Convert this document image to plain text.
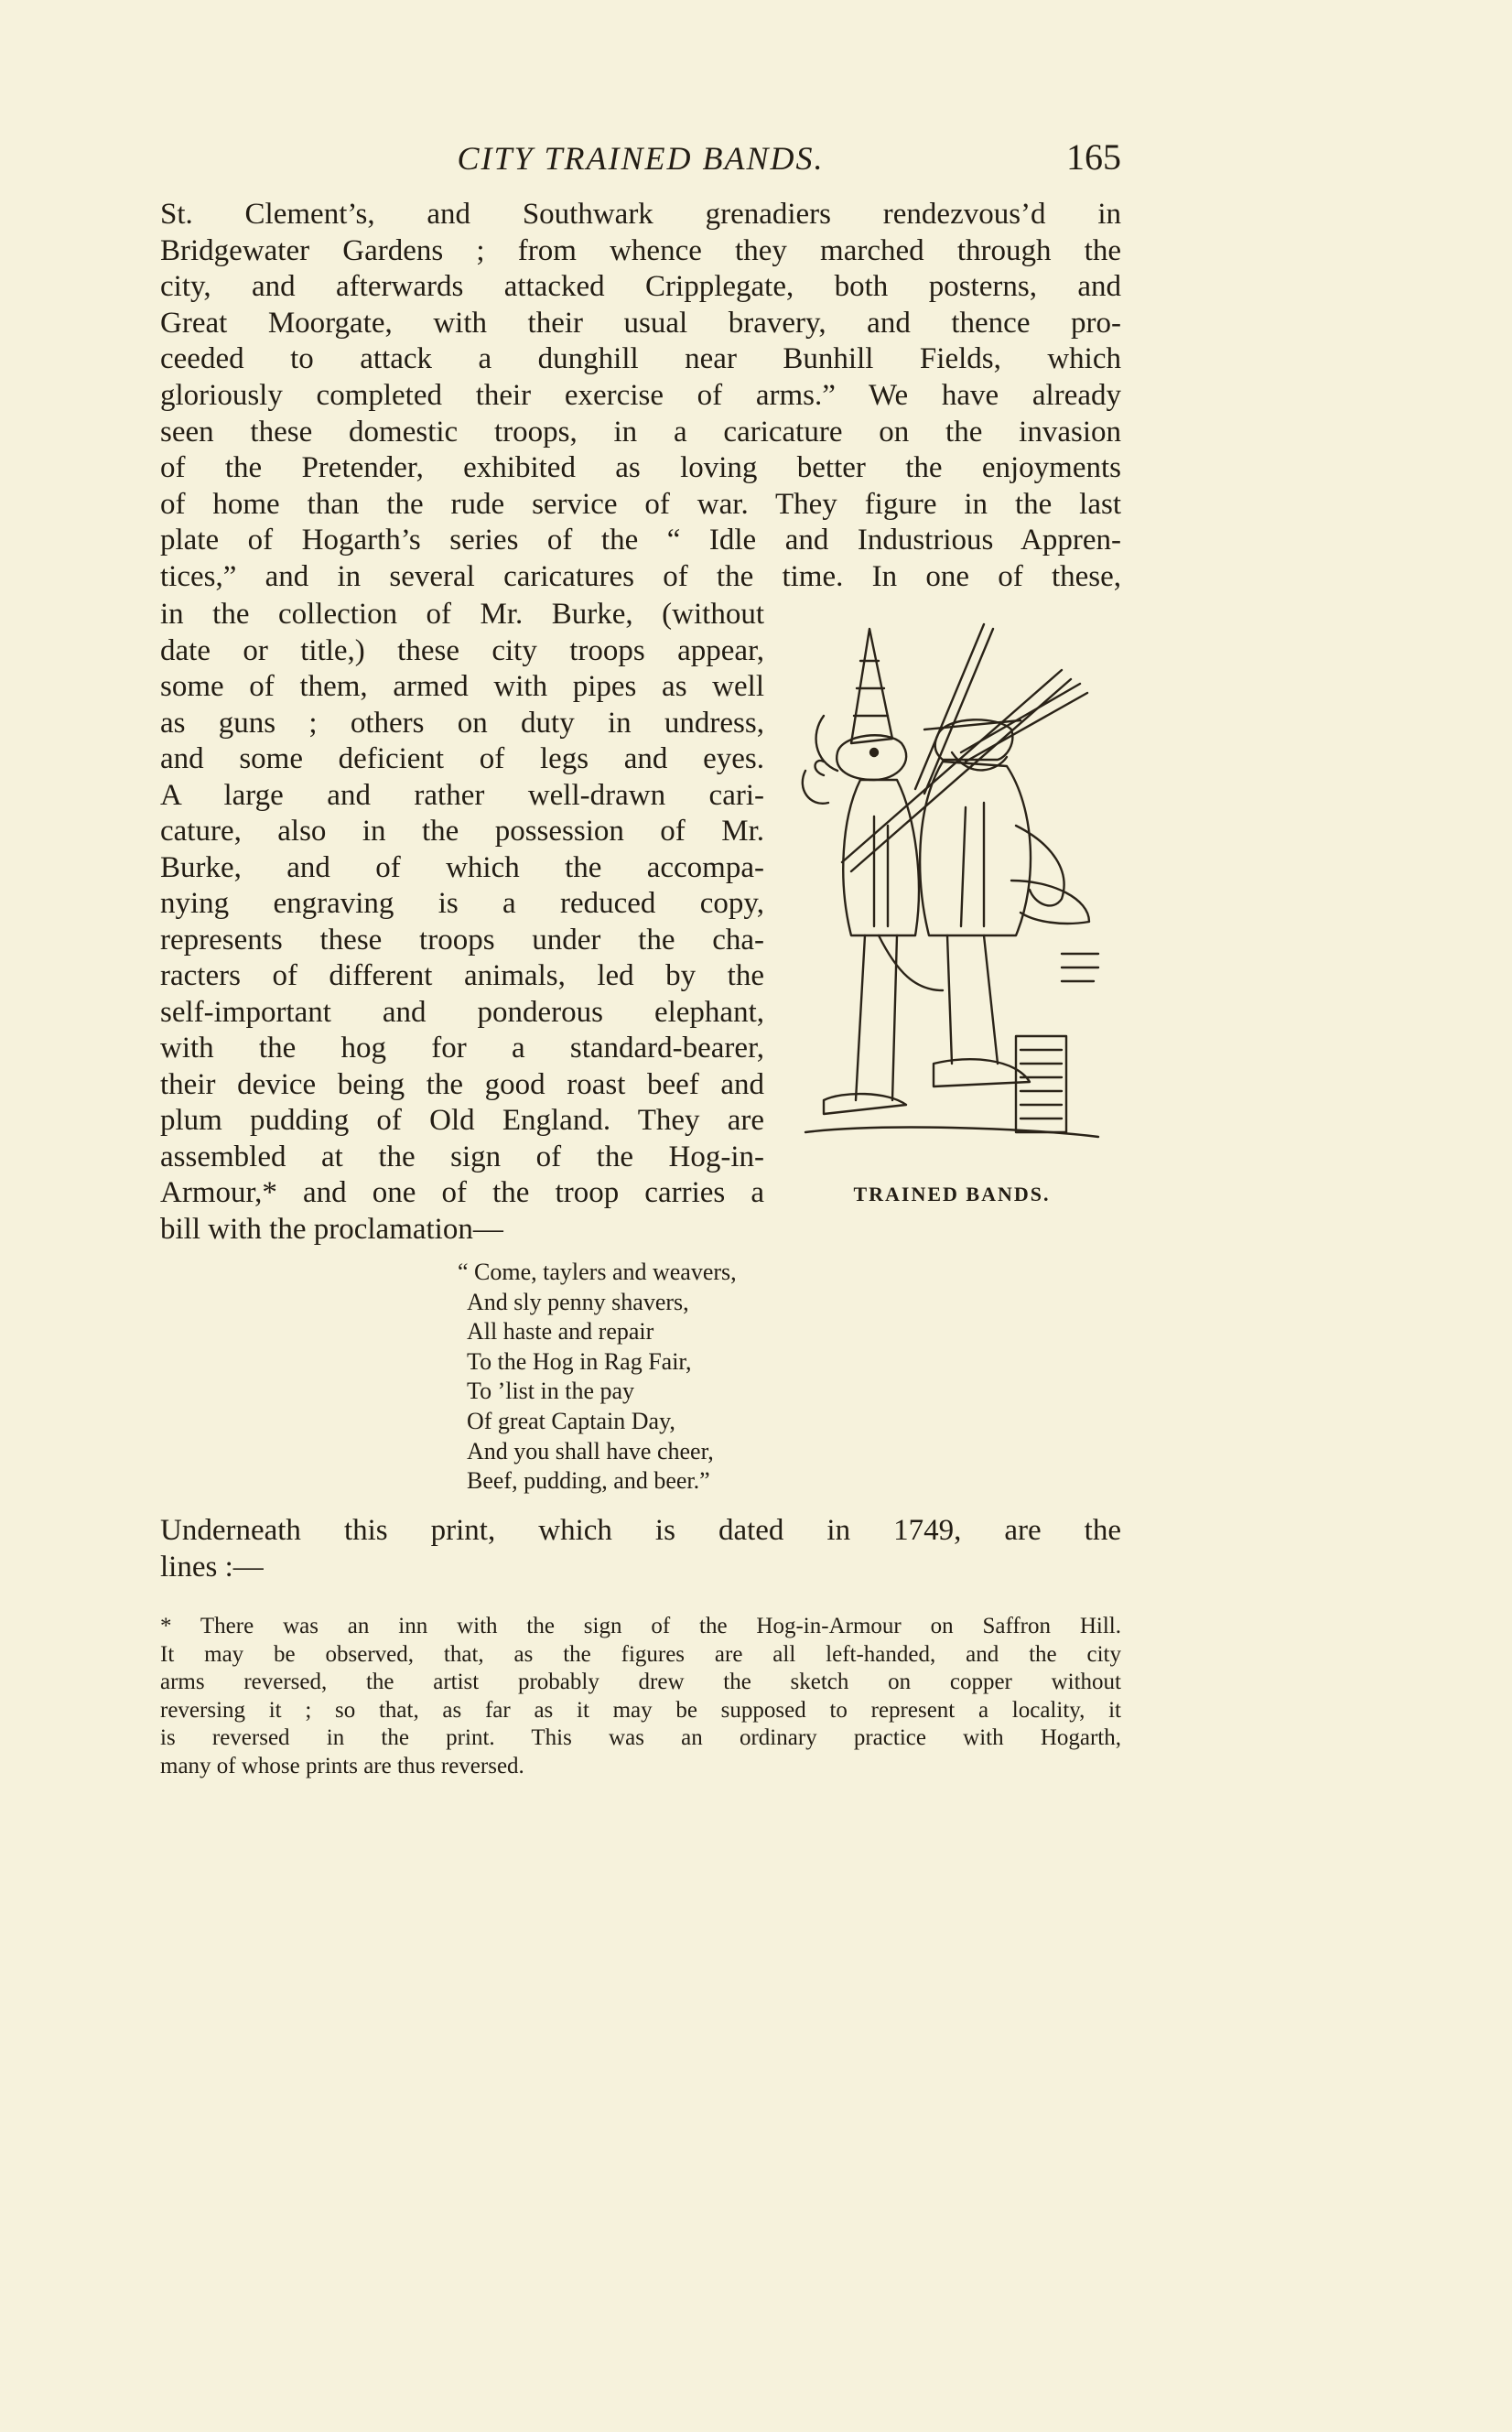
CITY TRAINED BANDS.	165
St. Clement’s, and Southwark grenadiers rendezvous’d in
Bridgewater Gardens ; from whence they marched through the
city, and afterwards attacked Cripplegate, both posterns, and
Great Moorgate, with their usual bravery, and thence pro-
ceeded to attack a dunghill near Bunhill Fields, which
gloriously completed their exercise of arms.” We have already
seen these domestic troops, in a caricature on the invasion
of the Pretender, exhibited as loving better the enjoyments
of home than the rude service of war. They figure in the last
plate of Hogarth’s series of the “ Idle and Industrious Appren-
tices,” and in several caricatures of the time. In one of these,
in the collection of Mr. Burke, (without
date or title,) these city troops appear,
some of them, armed with pipes as well
as guns ; others on duty in undress,
and some deficient of legs and eyes.
A large and rather well-drawn cari-
cature, also in the possession of Mr.
Burke, and of which the accompa-
nying engraving is a reduced copy,
represents these troops under the cha-
racters of different animals, led by the
self-important and ponderous elephant,
with the hog for a standard-bearer,
their device being the good roast beef and
plum pudding of Old England. They are
assembled at the sign of the Hog-in-
Armour,* and one of the troop carries a
bill with the proclamation—
TRAINED BANDS.
“ Come, taylers and weavers,
And sly penny shavers,
All haste and repair
To the Hog in Rag Fair,
To ’list in the pay
Of great Captain Day,
And you shall have cheer,
Beef, pudding, and beer.”
Underneath this print, which is dated in 1749, are the
lines :—
* There was an inn with the sign of the Hog-in-Armour on Saffron Hill.
It may be observed, that, as the figures are all left-handed, and the city
arms reversed, the artist probably drew the sketch on copper without
reversing it ; so that, as far as it may be supposed to represent a locality, it
is reversed in the print. This was an ordinary practice with Hogarth,
many of whose prints are thus reversed.
